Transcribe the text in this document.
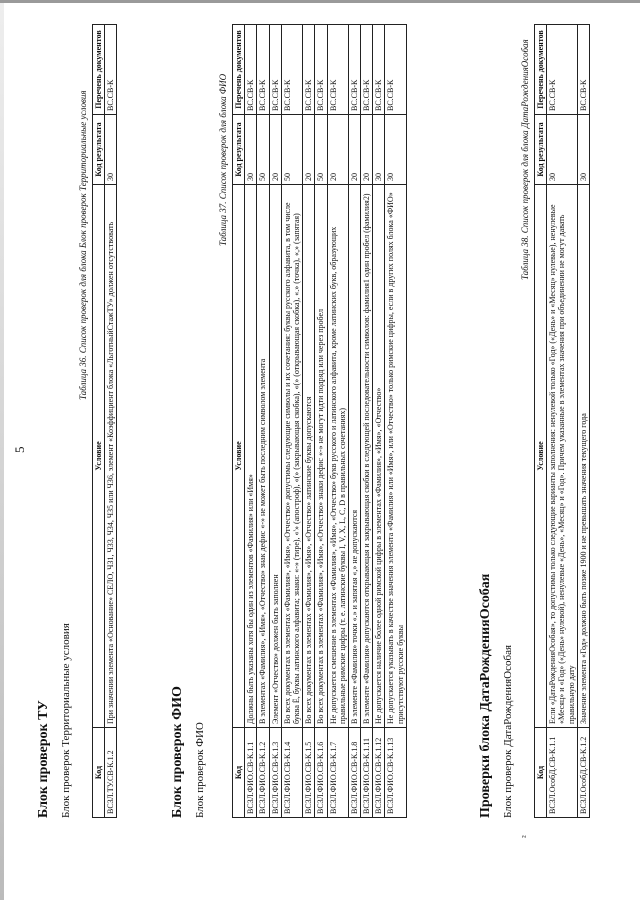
5
Блок проверок ТУ Блок проверок Территориальные условия
Таблица 36. Список проверок для блока Блок проверок Территориальные условия
Код	Условие	Код результата	Перечень документов
ВСЗЛ.ТУ.СВ-К.1.2	При значении элемента «Основание» СЕЛО, ЧЗ1, ЧЗ3, ЧЗ4, ЧЗ5 или ЧЗ6, элемент «Коэффициент блока «ЛьготныйСтажТУ» должен отсутствовать	30	ВС.СВ-К
Блок проверок ФИО Блок проверок ФИО
Таблица 37. Список проверок для блока ФИО
Код	Условие	Код результата	Перечень документов
ВСЗЛ.ФИО.СВ-К.1.1	Должны быть указаны хотя бы один из элементов «Фамилия» или «Имя»	30	ВС.СВ-К
ВСЗЛ.ФИО.СВ-К.1.2	В элементах «Фамилия», «Имя», «Отчество» знак дефис «-» не может быть последним символом элемента	50	ВС.СВ-К
ВСЗЛ.ФИО.СВ-К.1.3	Элемент «Отчество» должен быть заполнен	20	ВС.СВ-К
ВСЗЛ.ФИО.СВ-К.1.4	Во всех документах в элементах «Фамилия», «Имя», «Отчество» допустимы следующие символы и их сочетания: буквы русского алфавита, в том числе буква Ё, буквы латинского алфавита; знаки: «-» (тире), «'» (апостроф), «(» (закрывающая скобка), «(» (открывающая скобка), «.» (точка), «,» (запятая)	50	ВС.СВ-К
ВСЗЛ.ФИО.СВ-К.1.5	Во всех документах в элементах «Фамилия», «Имя», «Отчество» латинские буквы допускаются	20	ВС.СВ-К
ВСЗЛ.ФИО.СВ-К.1.6	Во всех документах в элементах «Фамилия», «Имя», «Отчество» знаки дефис «-» не могут идти подряд или через пробел	50	ВС.СВ-К
ВСЗЛ.ФИО.СВ-К.1.7	Не допускается смешение в элементах «Фамилия», «Имя», «Отчество» букв русского и латинского алфавита, кроме латинских букв, образующих правильные римские цифры (т. е. латинские буквы I, V, X, L, C, D в правильных сочетаниях)	20	ВС.СВ-К
ВСЗЛ.ФИО.СВ-К.1.8	В элементе «Фамилия» точки «.» и запятая «,» не допускаются	20	ВС.СВ-К
ВСЗЛ.ФИО.СВ-К.1.11	В элементе «Фамилия» допускаются открывающая и закрывающая скобки в следующей последовательности символов: фамилия1 один пробел (фамилия2)	20	ВС.СВ-К
ВСЗЛ.ФИО.СВ-К.1.12	Не допускается наличие более одной римской цифры в элементах «Фамилия», «Имя», «Отчество»	30	ВС.СВ-К
ВСЗЛ.ФИО.СВ-К.1.13	Не допускается указывать в качестве значения элемента «Фамилия» или «Имя», или «Отчество» только римские цифры, если в других полях блока «ФИО» присутствуют русские буквы	30	ВС.СВ-К
Проверки блока ДатаРожденияОсобая Блок проверок ДатаРожденияОсобая
²
Таблица 38. Список проверок для блока ДатаРожденияОсобая
Код	Условие	Код результата	Перечень документов
ВСЗЛ.ОсобД.СВ-К.1.1	Если «ДатаРожденияОсобая», то допустимы только следующие варианты заполнения: ненулевой только «Год» («День» и «Месяц» нулевые), ненулевые «Месяц» и «Год» («День» нулевой), ненулевые «День», «Месяц» и «Год». Причем указанные в элементах значения при объединении не могут давать правильную дату	30	ВС.СВ-К
ВСЗЛ.ОсобД.СВ-К.1.2	Значение элемента «Год» должно быть позже 1900 и не превышать значения текущего года	30	ВС.СВ-К
